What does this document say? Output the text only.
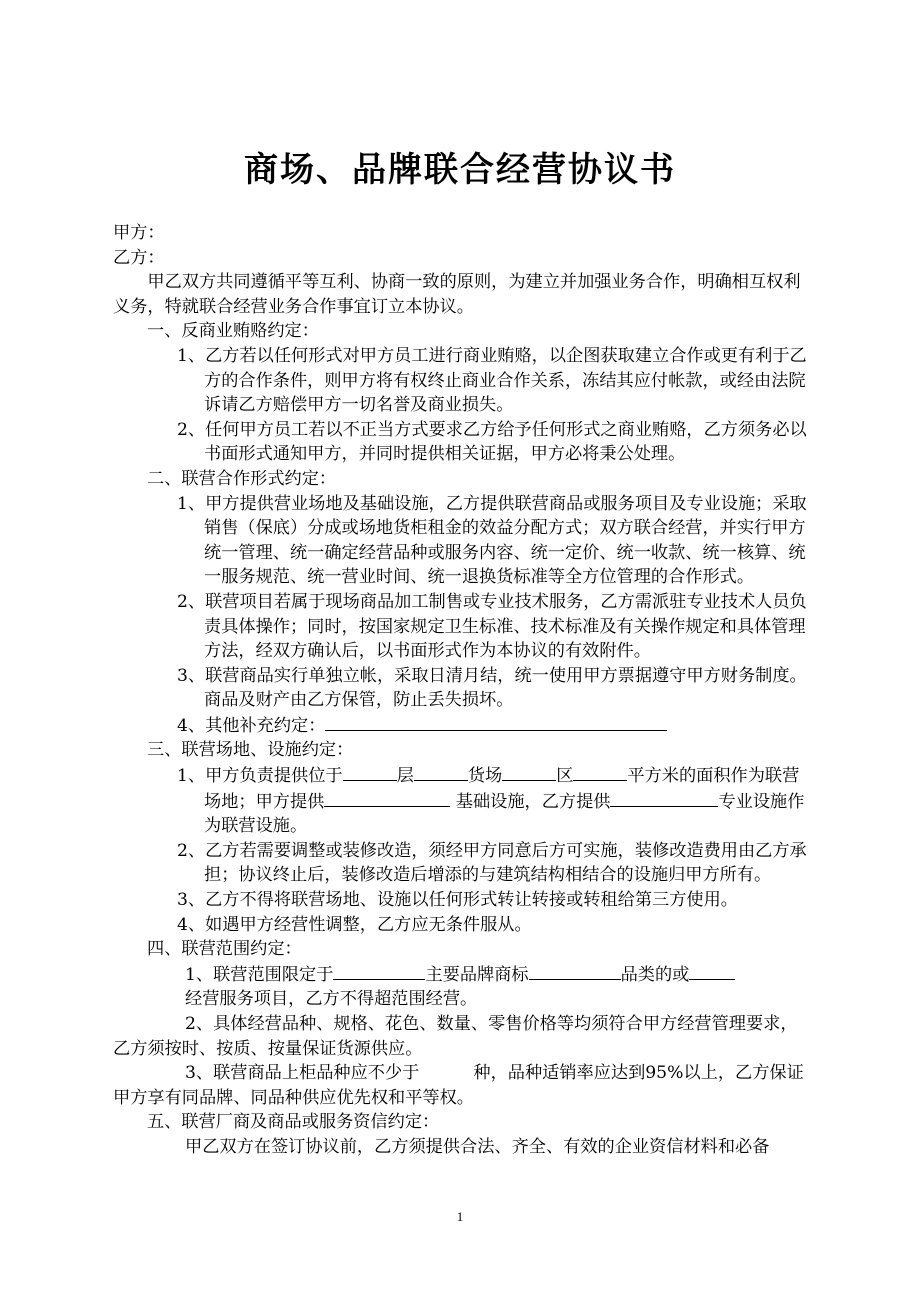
商场、品牌联合经营协议书

甲方：

乙方：

甲乙双方共同遵循平等互利、协商一致的原则，为建立并加强业务合作，明确相互权利义务，特就联合经营业务合作事宜订立本协议。

一、反商业贿赂约定：

1、乙方若以任何形式对甲方员工进行商业贿赂，以企图获取建立合作或更有利于乙方的合作条件，则甲方将有权终止商业合作关系，冻结其应付帐款，或经由法院诉请乙方赔偿甲方一切名誉及商业损失。

2、任何甲方员工若以不正当方式要求乙方给予任何形式之商业贿赂，乙方须务必以书面形式通知甲方，并同时提供相关证据，甲方必将秉公处理。

二、联营合作形式约定：

1、甲方提供营业场地及基础设施，乙方提供联营商品或服务项目及专业设施；采取销售（保底）分成或场地货柜租金的效益分配方式；双方联合经营，并实行甲方统一管理、统一确定经营品种或服务内容、统一定价、统一收款、统一核算、统一服务规范、统一营业时间、统一退换货标准等全方位管理的合作形式。

2、联营项目若属于现场商品加工制售或专业技术服务，乙方需派驻专业技术人员负责具体操作；同时，按国家规定卫生标准、技术标准及有关操作规定和具体管理方法，经双方确认后，以书面形式作为本协议的有效附件。

3、联营商品实行单独立帐，采取日清月结，统一使用甲方票据遵守甲方财务制度。商品及财产由乙方保管，防止丢失损坏。

4、其他补充约定：

三、联营场地、设施约定：

1、甲方负责提供位于	层	货场	区	平方米的面积作为联营场地；甲方提供	基础设施，乙方提供	专业设施作为联营设施。

2、乙方若需要调整或装修改造，须经甲方同意后方可实施，装修改造费用由乙方承担；协议终止后，装修改造后增添的与建筑结构相结合的设施归甲方所有。

3、乙方不得将联营场地、设施以任何形式转让转接或转租给第三方使用。

4、如遇甲方经营性调整，乙方应无条件服从。

四、联营范围约定：

1、联营范围限定于	主要品牌商标	品类的或
经营服务项目，乙方不得超范围经营。

2、具体经营品种、规格、花色、数量、零售价格等均须符合甲方经营管理要求，乙方须按时、按质、按量保证货源供应。

3、联营商品上柜品种应不少于	种，品种适销率应达到95%以上，乙方保证甲方享有同品牌、同品种供应优先权和平等权。

五、联营厂商及商品或服务资信约定：

甲乙双方在签订协议前，乙方须提供合法、齐全、有效的企业资信材料和必备

1
